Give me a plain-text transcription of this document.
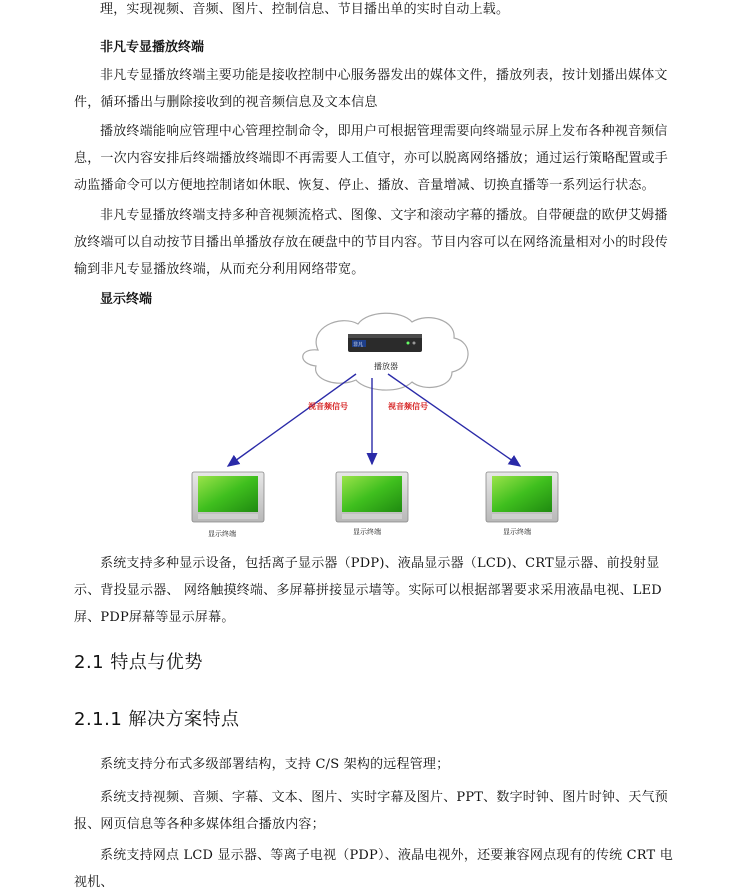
理，实现视频、音频、图片、控制信息、节目播出单的实时自动上载。

非凡专显播放终端

非凡专显播放终端主要功能是接收控制中心服务器发出的媒体文件，播放列表，按计划播出媒体文件，循环播出与删除接收到的视音频信息及文本信息

播放终端能响应管理中心管理控制命令，即用户可根据管理需要向终端显示屏上发布各种视音频信息，一次内容安排后终端播放终端即不再需要人工值守，亦可以脱离网络播放；通过运行策略配置或手动监播命令可以方便地控制诸如休眠、恢复、停止、播放、音量增减、切换直播等一系列运行状态。

非凡专显播放终端支持多种音视频流格式、图像、文字和滚动字幕的播放。自带硬盘的欧伊艾姆播放终端可以自动按节目播出单播放存放在硬盘中的节目内容。节目内容可以在网络流量相对小的时段传输到非凡专显播放终端，从而充分利用网络带宽。

显示终端
非凡
播放器
视音频信号	视音频信号
显示终端	显示终端	显示终端

系统支持多种显示设备，包括离子显示器（PDP)、液晶显示器（LCD)、CRT显示器、前投射显示、背投显示器、 网络触摸终端、多屏幕拼接显示墙等。实际可以根据部署要求采用液晶电视、LED屏、PDP屏幕等显示屏幕。

2.1 特点与优势
2.1.1 解决方案特点

系统支持分布式多级部署结构，支持 C/S 架构的远程管理；

系统支持视频、音频、字幕、文本、图片、实时字幕及图片、PPT、数字时钟、图片时钟、天气预报、网页信息等各种多媒体组合播放内容；

系统支持网点 LCD 显示器、等离子电视（PDP）、液晶电视外，还要兼容网点现有的传统 CRT 电视机、
